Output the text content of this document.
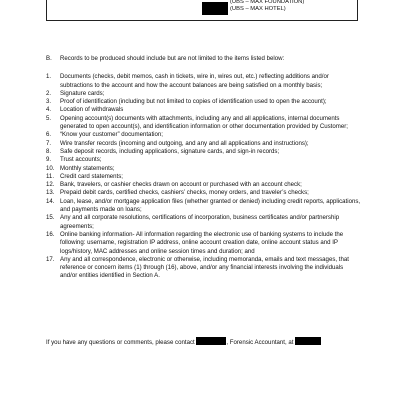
(UBS – MAX FOUNDATION)
(UBS – MAX HOTEL)
B.	Records to be produced should include but are not limited to the items listed below:
1.	Documents (checks, debit memos, cash in tickets, wire in, wires out, etc.) reflecting additions and/or subtractions to the account and how the account balances are being satisfied on a monthly basis;
2.	Signature cards;
3.	Proof of identification (including but not limited to copies of identification used to open the account);
4.	Location of withdrawals
5.	Opening account(s) documents with attachments, including any and all applications, internal documents generated to open account(s), and identification information or other documentation provided by Customer;
6.	“Know your customer” documentation;
7.	Wire transfer records (incoming and outgoing, and any and all applications and instructions);
8.	Safe deposit records, including applications, signature cards, and sign-in records;
9.	Trust accounts;
10. Monthly statements;
11. Credit card statements;
12. Bank, travelers, or cashier checks drawn on account or purchased with an account check;
13. Prepaid debit cards, certified checks, cashiers’ checks, money orders, and traveler’s checks;
14. Loan, lease, and/or mortgage application files (whether granted or denied) including credit reports, applications, and payments made on loans;
15. Any and all corporate resolutions, certifications of incorporation, business certificates and/or partnership agreements;
16. Online banking information- All information regarding the electronic use of banking systems to include the following: username, registration IP address, online account creation date, online account status and IP logs/history, MAC addresses and online session times and duration; and
17. Any and all correspondence, electronic or otherwise, including memoranda, emails and text messages, that reference or concern items (1) through (16), above, and/or any financial interests involving the individuals and/or entities identified in Section A.
If you have any questions or comments, please contact	, Forensic Accountant, at
